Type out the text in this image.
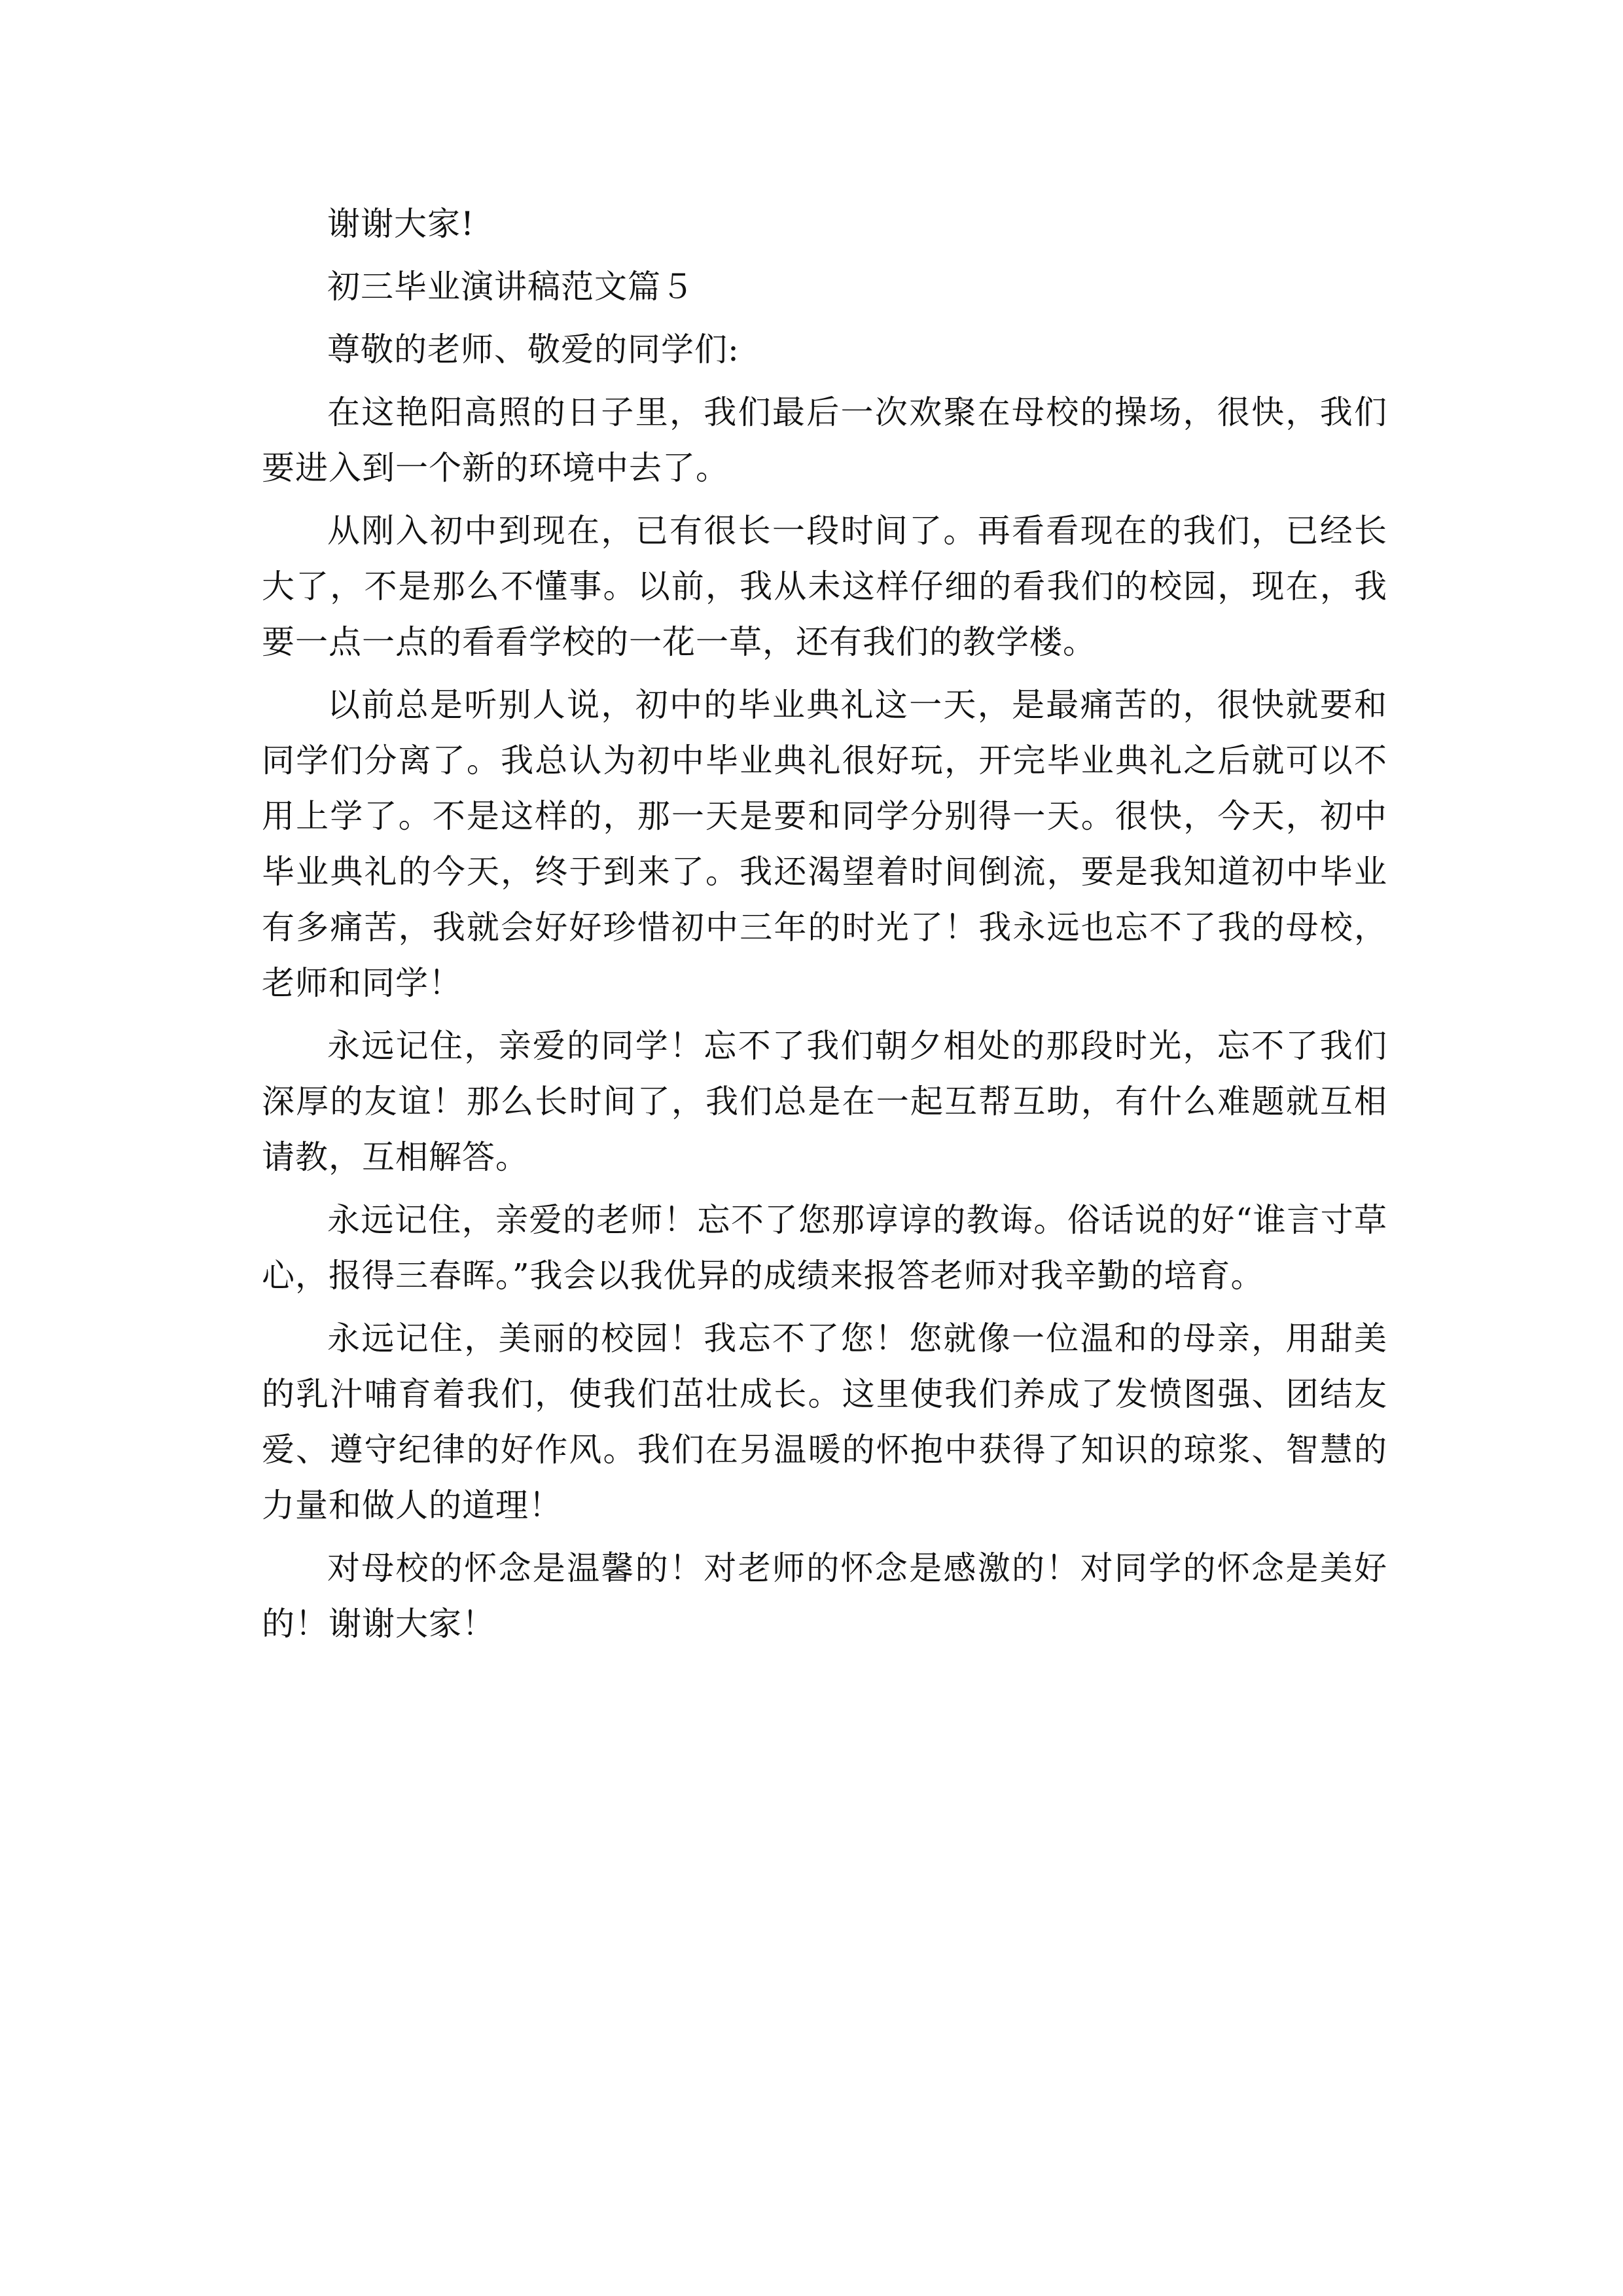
谢谢大家!

初三毕业演讲稿范文篇５

尊敬的老师、敬爱的同学们:

在这艳阳高照的日子里，我们最后一次欢聚在母校的操场，很快，我们要进入到一个新的环境中去了。

从刚入初中到现在，已有很长一段时间了。再看看现在的我们，已经长大了，不是那么不懂事。以前，我从未这样仔细的看我们的校园，现在，我要一点一点的看看学校的一花一草，还有我们的教学楼。

以前总是听别人说，初中的毕业典礼这一天，是最痛苦的，很快就要和同学们分离了。我总认为初中毕业典礼很好玩，开完毕业典礼之后就可以不用上学了。不是这样的，那一天是要和同学分别得一天。很快，今天，初中毕业典礼的今天，终于到来了。我还渴望着时间倒流，要是我知道初中毕业有多痛苦，我就会好好珍惜初中三年的时光了！我永远也忘不了我的母校，老师和同学！

永远记住，亲爱的同学！忘不了我们朝夕相处的那段时光，忘不了我们深厚的友谊！那么长时间了，我们总是在一起互帮互助，有什么难题就互相请教，互相解答。

永远记住，亲爱的老师！忘不了您那谆谆的教诲。俗话说的好“谁言寸草心，报得三春晖。”我会以我优异的成绩来报答老师对我辛勤的培育。

永远记住，美丽的校园！我忘不了您！您就像一位温和的母亲，用甜美的乳汁哺育着我们，使我们茁壮成长。这里使我们养成了发愤图强、团结友爱、遵守纪律的好作风。我们在另温暖的怀抱中获得了知识的琼浆、智慧的力量和做人的道理！

对母校的怀念是温馨的！对老师的怀念是感激的！对同学的怀念是美好的！谢谢大家！
